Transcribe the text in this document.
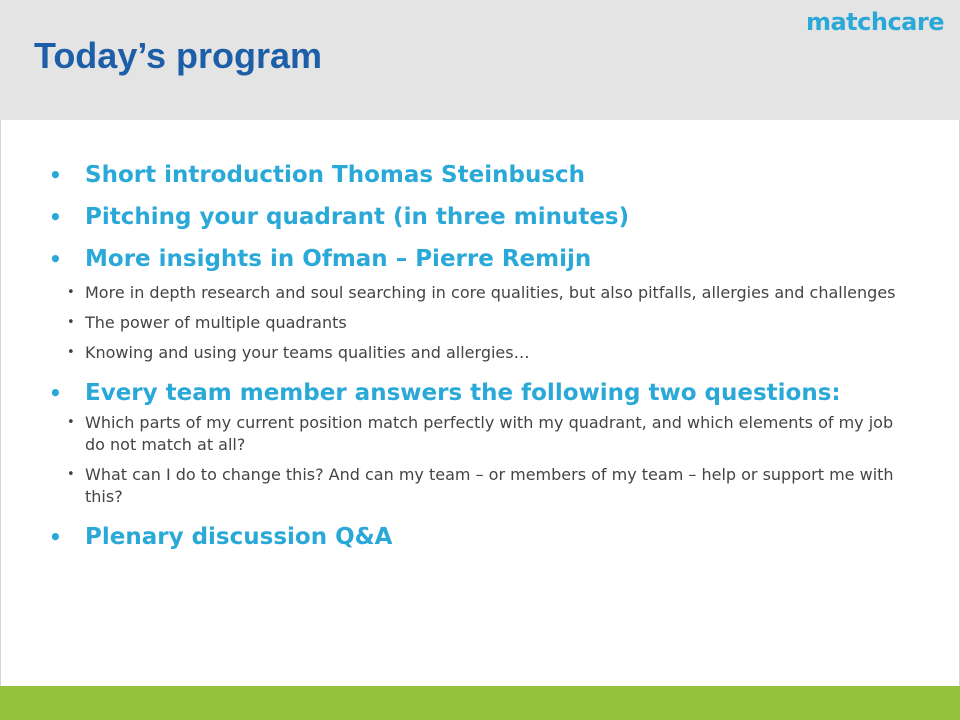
Today’s program
matchcare
• Short introduction Thomas Steinbusch
• Pitching your quadrant (in three minutes)
• More insights in Ofman – Pierre Remijn
• More in depth research and soul searching in core qualities, but also pitfalls, allergies and challenges
• The power of multiple quadrants
• Knowing and using your teams qualities and allergies…
• Every team member answers the following two questions:
• Which parts of my current position match perfectly with my quadrant, and which elements of my job do not match at all?
• What can I do to change this? And can my team – or members of my team – help or support me with this?
• Plenary discussion Q&A
